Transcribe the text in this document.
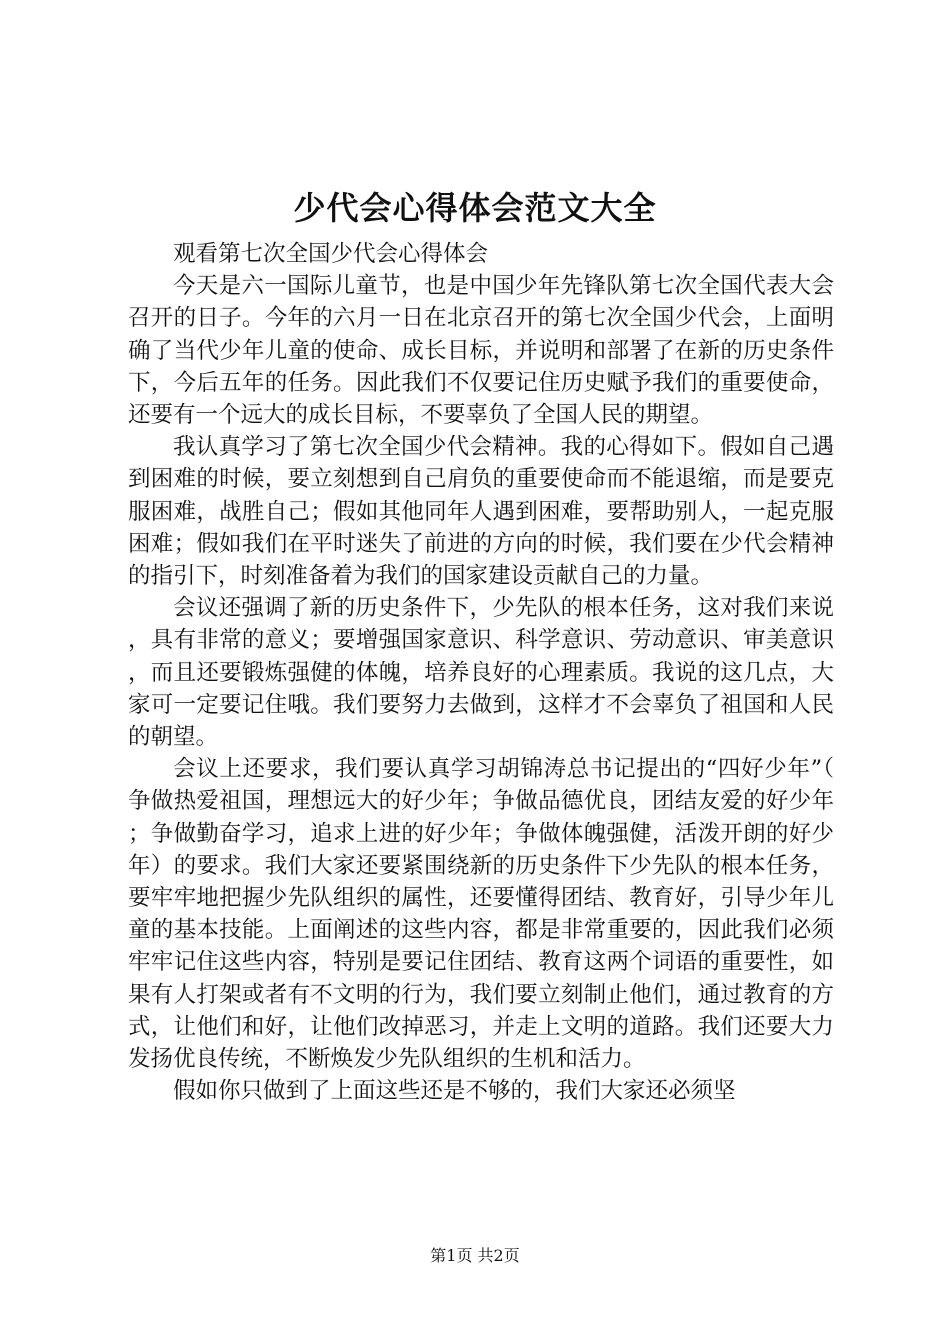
少代会心得体会范文大全

观看第七次全国少代会心得体会

今天是六一国际儿童节，也是中国少年先锋队第七次全国代表大会召开的日子。今年的六月一日在北京召开的第七次全国少代会，上面明确了当代少年儿童的使命、成长目标，并说明和部署了在新的历史条件下，今后五年的任务。因此我们不仅要记住历史赋予我们的重要使命，还要有一个远大的成长目标，不要辜负了全国人民的期望。

我认真学习了第七次全国少代会精神。我的心得如下。假如自己遇到困难的时候，要立刻想到自己肩负的重要使命而不能退缩，而是要克服困难，战胜自己；假如其他同年人遇到困难，要帮助别人，一起克服困难；假如我们在平时迷失了前进的方向的时候，我们要在少代会精神的指引下，时刻准备着为我们的国家建设贡献自己的力量。

会议还强调了新的历史条件下，少先队的根本任务，这对我们来说，具有非常的意义；要增强国家意识、科学意识、劳动意识、审美意识，而且还要锻炼强健的体魄，培养良好的心理素质。我说的这几点，大家可一定要记住哦。我们要努力去做到，这样才不会辜负了祖国和人民的朝望。

会议上还要求，我们要认真学习胡锦涛总书记提出的“四好少年”（争做热爱祖国，理想远大的好少年；争做品德优良，团结友爱的好少年；争做勤奋学习，追求上进的好少年；争做体魄强健，活泼开朗的好少年）的要求。我们大家还要紧围绕新的历史条件下少先队的根本任务，要牢牢地把握少先队组织的属性，还要懂得团结、教育好，引导少年儿童的基本技能。上面阐述的这些内容，都是非常重要的，因此我们必须牢牢记住这些内容，特别是要记住团结、教育这两个词语的重要性，如果有人打架或者有不文明的行为，我们要立刻制止他们，通过教育的方式，让他们和好，让他们改掉恶习，并走上文明的道路。我们还要大力发扬优良传统，不断焕发少先队组织的生机和活力。

假如你只做到了上面这些还是不够的，我们大家还必须坚

第1页 共2页
